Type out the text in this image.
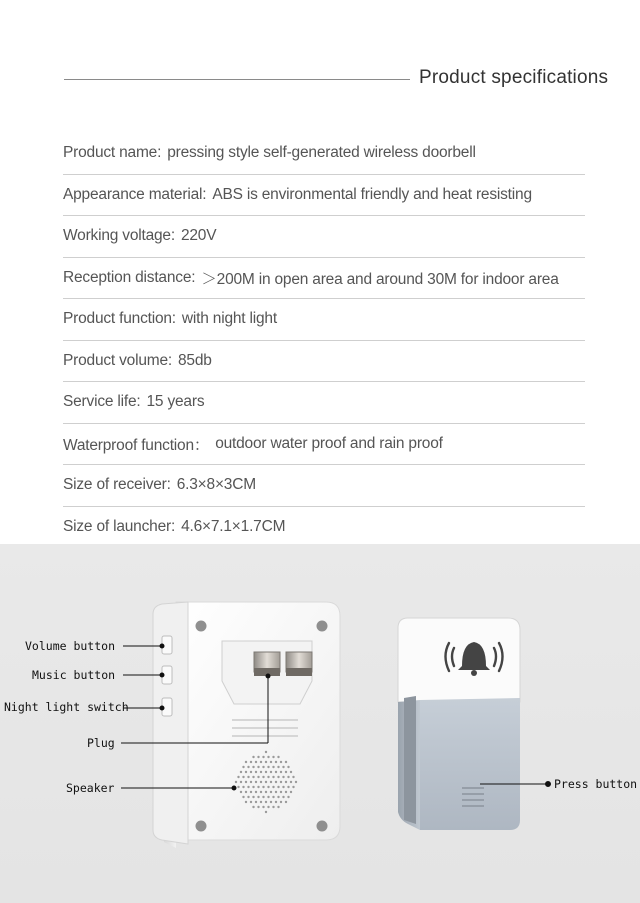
Product specifications
Product name: pressing style self-generated wireless doorbell
Appearance material: ABS is environmental friendly and heat resisting
Working voltage: 220V
Reception distance: ＞200M in open area and around 30M for indoor area
Product function: with night light
Product volume: 85db
Service life: 15 years
Waterproof function： outdoor water proof and rain proof
Size of receiver: 6.3×8×3CM
Size of launcher: 4.6×7.1×1.7CM
Volume button
Music button
Night light switch
Plug
Speaker	Press button
